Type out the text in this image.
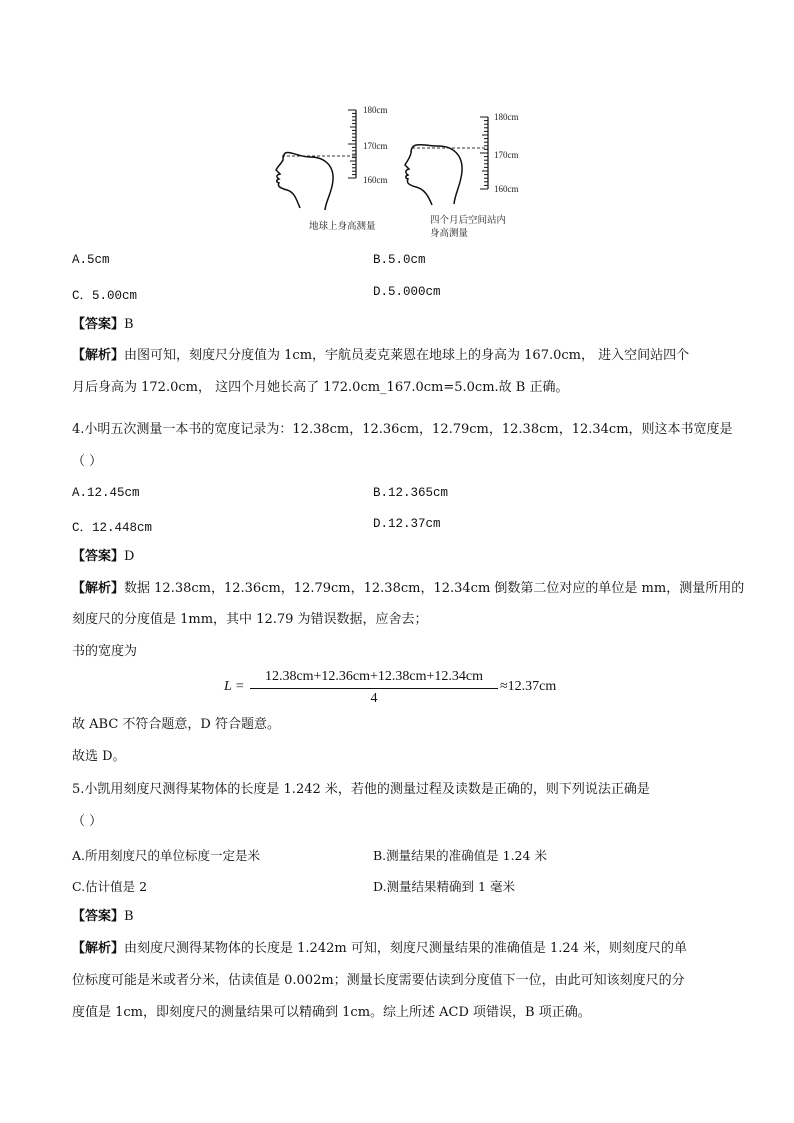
180cm
170cm
160cm
180cm
170cm
160cm
地球上身高测量
四个月后空间站内
身高测量
A.5cm	B.5.0cm
C．5.00cm	D.5.000cm
【答案】B
【解析】由图可知，刻度尺分度值为 1cm，宇航员麦克莱恩在地球上的身高为 167.0cm， 进入空间站四个
月后身高为 172.0cm， 这四个月她长高了 172.0cm_167.0cm=5.0cm.故 B 正确。
4.小明五次测量一本书的宽度记录为：12.38cm，12.36cm，12.79cm，12.38cm，12.34cm，则这本书宽度是
（ ）
A.12.45cm	B.12.365cm
C．12.448cm	D.12.37cm
【答案】D
【解析】数据 12.38cm，12.36cm，12.79cm，12.38cm，12.34cm 倒数第二位对应的单位是 mm，测量所用的
刻度尺的分度值是 1mm，其中 12.79 为错误数据，应舍去；
书的宽度为
L =
12.38cm+12.36cm+12.38cm+12.34cm
4
≈12.37cm
故 ABC 不符合题意，D 符合题意。
故选 D。
5.小凯用刻度尺测得某物体的长度是 1.242 米，若他的测量过程及读数是正确的，则下列说法正确是
（ ）
A.所用刻度尺的单位标度一定是米	B.测量结果的准确值是 1.24 米
C.估计值是 2	D.测量结果精确到 1 毫米
【答案】B
【解析】由刻度尺测得某物体的长度是 1.242m 可知，刻度尺测量结果的准确值是 1.24 米，则刻度尺的单
位标度可能是米或者分米，估读值是 0.002m；测量长度需要估读到分度值下一位，由此可知该刻度尺的分
度值是 1cm，即刻度尺的测量结果可以精确到 1cm。综上所述 ACD 项错误，B 项正确。
